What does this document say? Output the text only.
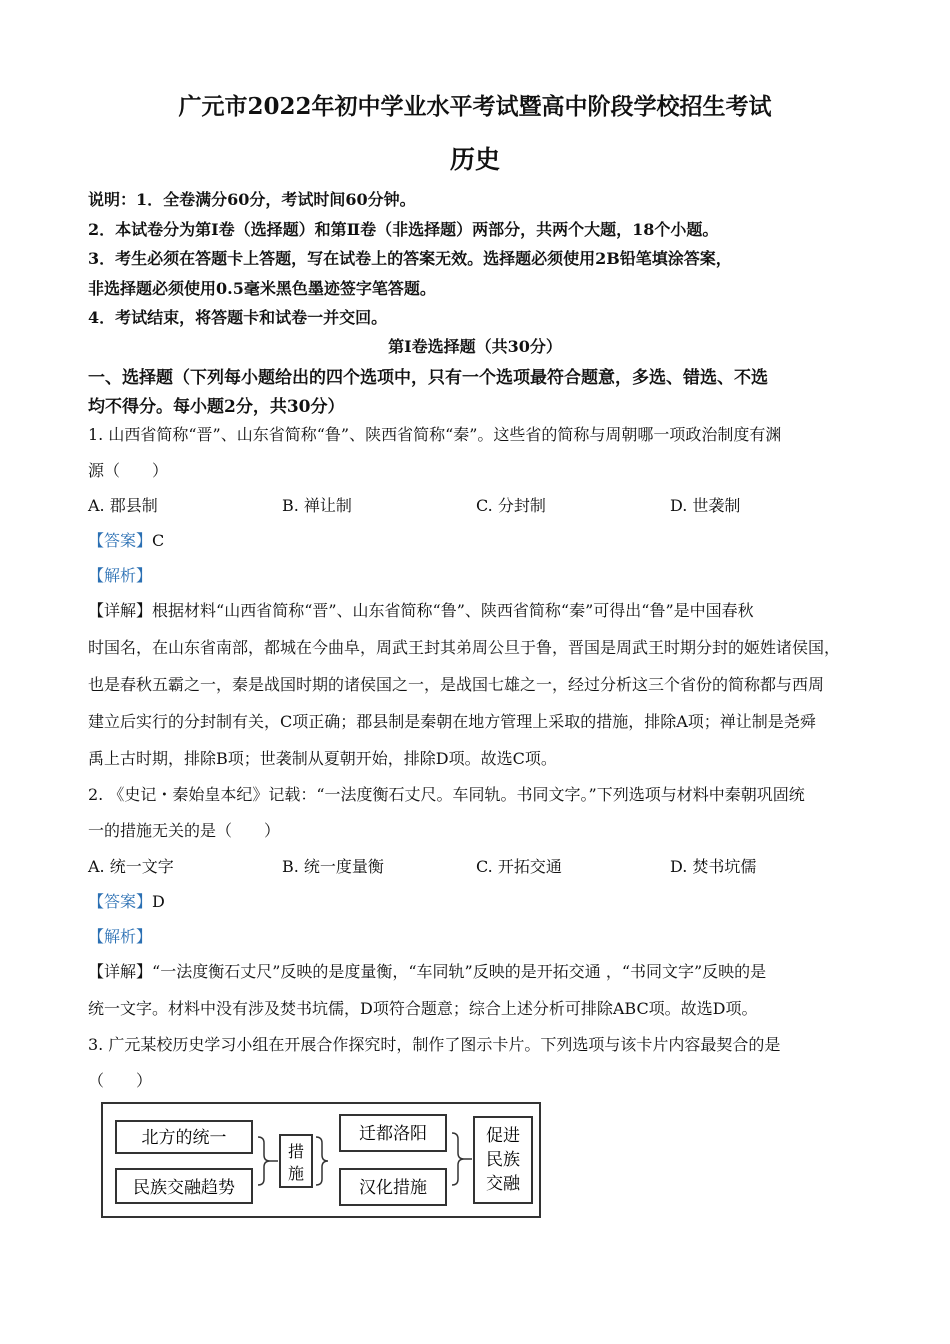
广元市2022年初中学业水平考试暨高中阶段学校招生考试
历史
说明：1．全卷满分60分，考试时间60分钟。
2．本试卷分为第Ⅰ卷（选择题）和第Ⅱ卷（非选择题）两部分，共两个大题，18个小题。
3．考生必须在答题卡上答题，写在试卷上的答案无效。选择题必须使用2B铅笔填涂答案，
非选择题必须使用0.5毫米黑色墨迹签字笔答题。
4．考试结束，将答题卡和试卷一并交回。
第Ⅰ卷选择题（共30分）
一、选择题（下列每小题给出的四个选项中，只有一个选项最符合题意，多选、错选、不选
均不得分。每小题2分，共30分）
1. 山西省简称“晋”、山东省简称“鲁”、陕西省简称“秦”。这些省的简称与周朝哪一项政治制度有渊
源（　　）
A. 郡县制	B. 禅让制	C. 分封制	D. 世袭制
【答案】C
【解析】
【详解】根据材料“山西省简称“晋”、山东省简称“鲁”、陕西省简称“秦”可得出“鲁”是中国春秋
时国名，在山东省南部，都城在今曲阜，周武王封其弟周公旦于鲁，晋国是周武王时期分封的姬姓诸侯国，
也是春秋五霸之一，秦是战国时期的诸侯国之一，是战国七雄之一，经过分析这三个省份的简称都与西周
建立后实行的分封制有关，C项正确；郡县制是秦朝在地方管理上采取的措施，排除A项；禅让制是尧舜
禹上古时期，排除B项；世袭制从夏朝开始，排除D项。故选C项。
2. 《史记・秦始皇本纪》记载：“一法度衡石丈尺。车同轨。书同文字。”下列选项与材料中秦朝巩固统
一的措施无关的是（　　）
A. 统一文字	B. 统一度量衡	C. 开拓交通	D. 焚书坑儒
【答案】D
【解析】
【详解】“一法度衡石丈尺”反映的是度量衡，“车同轨”反映的是开拓交通 ，“书同文字”反映的是
统一文字。材料中没有涉及焚书坑儒，D项符合题意；综合上述分析可排除ABC项。故选D项。
3. 广元某校历史学习小组在开展合作探究时，制作了图示卡片。下列选项与该卡片内容最契合的是
（　　）
北方的统一
民族交融趋势
措施
迁都洛阳
汉化措施
促进民族交融
